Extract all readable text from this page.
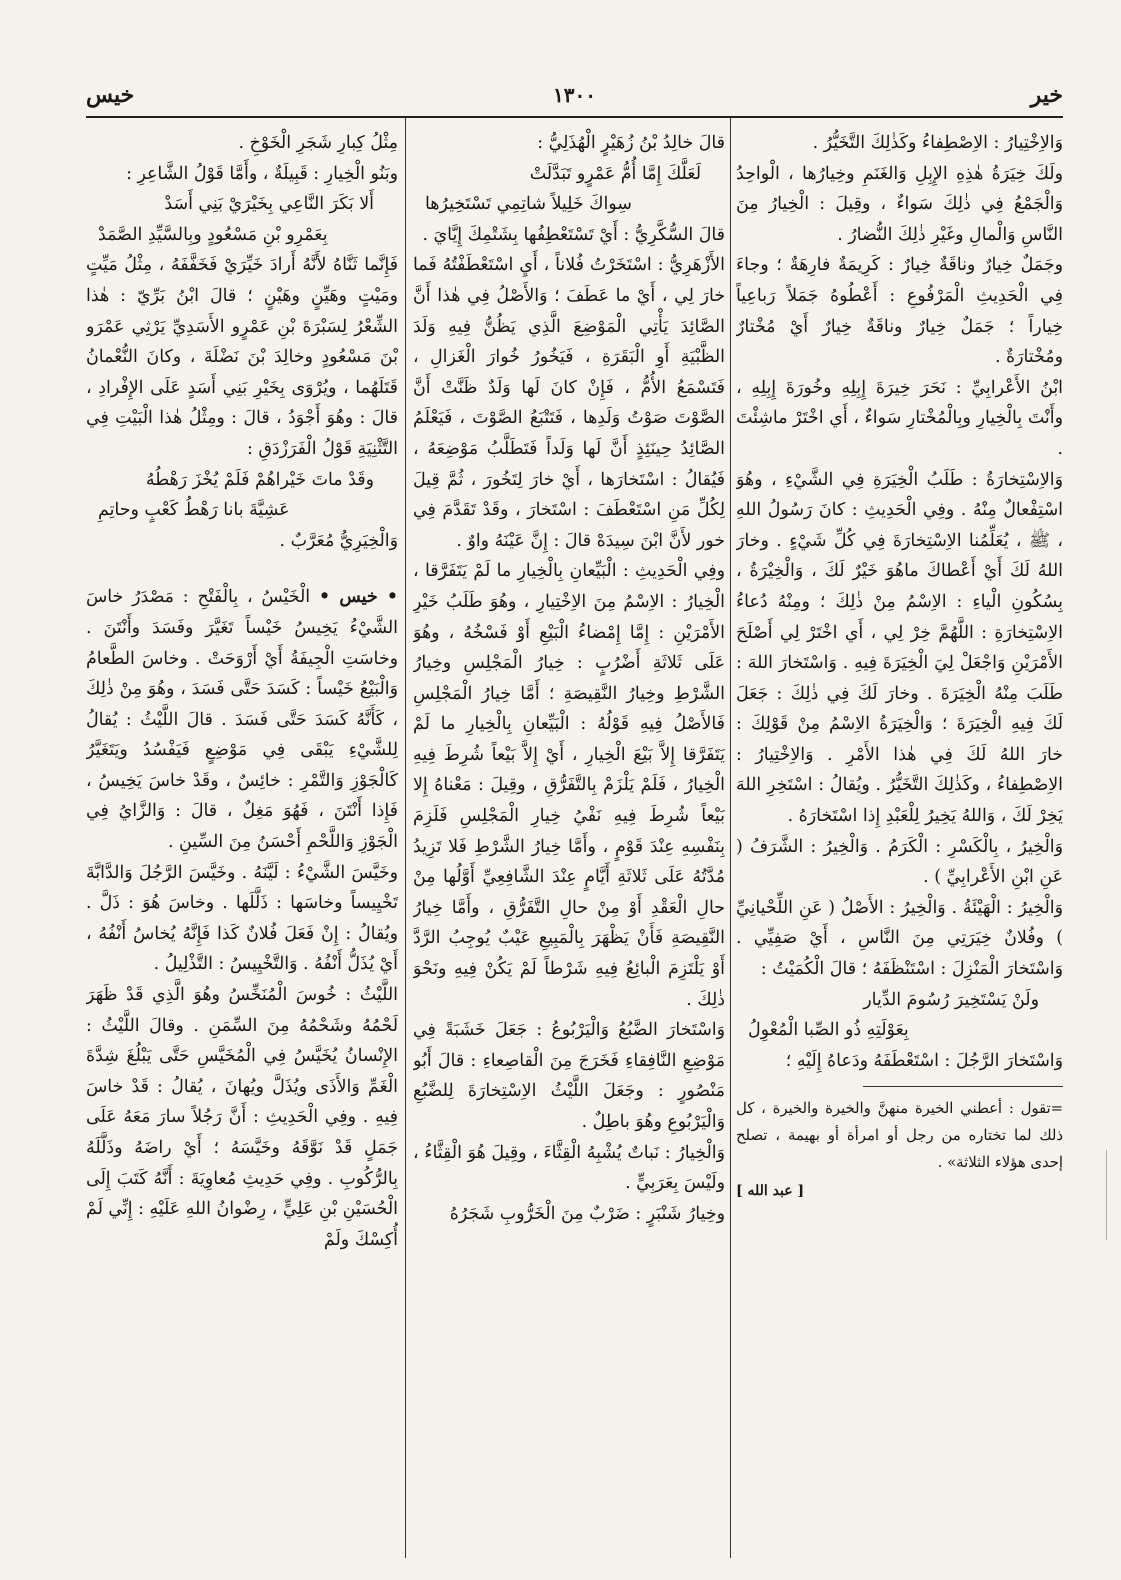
١٣٠٠	خير
خيس

وَالاِخْتِيارُ : الاِصْطِفاءُ وكَذٰلِكَ التَّخَيُّرُ .

ولَكَ خِيَرَةُ هٰذِهِ الإِبِلِ وَالغَنَمِ وخِيارُها ، الْواحِدُ وَالْجَمْعُ فِي ذٰلِكَ سَواءٌ ، وقِيلَ : الْخِيارُ مِنَ النَّاسِ وَالْمالِ وغَيْرِ ذٰلِكَ النُّضارُ .

وجَمَلٌ خِيارٌ وناقَةٌ خِيارٌ : كَرِيمَةٌ فارِهَةٌ ؛ وجاءَ فِي الْحَدِيثِ الْمَرْفُوعِ : أَعْطُوهُ جَمَلاً رَباعِياً خِياراً ؛ جَمَلٌ خِيارٌ وناقَةٌ خِيارٌ أَيْ مُخْتارٌ ومُخْتارَةٌ .

ابْنُ الأَعْرابِيِّ : نَحَرَ خِيرَةَ إِبِلِهِ وخُورَةَ إِبِلِهِ ، وأَنْتَ بِالْخِيارِ وبِالْمُخْتارِ سَواءٌ ، أَي اخْتَرْ ماشِئْتَ .

وَالاِسْتِخارَةُ : طَلَبُ الْخِيَرَةِ فِي الشَّيْءِ ، وهُوَ اسْتِفْعالٌ مِنْهُ . وفِي الْحَدِيثِ : كانَ رَسُولُ اللهِ ، ﷺ ، يُعَلِّمُنا الاِسْتِخارَةَ فِي كُلِّ شَيْءٍ . وخارَ اللهُ لَكَ أَيْ أَعْطاكَ ماهُوَ خَيْرٌ لَكَ ، وَالْخِيْرَةُ ، بِسُكُونِ الْياءِ : الاِسْمُ مِنْ ذٰلِكَ ؛ ومِنْهُ دُعاءُ الاِسْتِخارَةِ : اللَّهُمَّ خِرْ لِي ، أَي اخْتَرْ لِي أَصْلَحَ الأَمْرَيْنِ وَاجْعَلْ لِيَ الْخِيَرَةَ فِيهِ . وَاسْتَخارَ اللهَ : طَلَبَ مِنْهُ الْخِيَرَةَ . وخارَ لَكَ فِي ذٰلِكَ : جَعَلَ لَكَ فِيهِ الْخِيَرَةَ ؛ وَالْخِيَرَةُ الاِسْمُ مِنْ قَوْلِكَ : خارَ اللهُ لَكَ فِي هٰذا الأَمْرِ . وَالاِخْتِيارُ : الاِصْطِفاءُ ، وكَذٰلِكَ التَّخَيُّرُ . ويُقالُ : اسْتَخِرِ اللهَ يَخِرْ لَكَ ، وَاللهُ يَخِيرُ لِلْعَبْدِ إِذا اسْتَخارَهُ .

وَالْخِيرُ ، بِالْكَسْرِ : الْكَرَمُ . وَالْخِيرُ : الشَّرَفُ ( عَنِ ابْنِ الأَعْرابِيِّ ) .

وَالْخِيرُ : الْهَيْئَةُ . وَالْخِيرُ : الأَصْلُ ( عَنِ اللِّحْيانِيِّ ) وفُلانٌ خِيَرَتِي مِنَ النَّاسِ ، أَيْ صَفِيِّي . وَاسْتَخارَ الْمَنْزِلَ : اسْتَنْظَفَهُ ؛ قالَ الْكُمَيْتُ :

ولَنْ يَسْتَخِيرَ رُسُومَ الدِّيار

بِعَوْلَتِهِ ذُو الصِّبا الْمُعْوِلُ

وَاسْتَخارَ الرَّجُلَ : اسْتَعْطَفَهُ ودَعاهُ إِلَيْهِ ؛

=تقول : أعطني الخيرة منهنَّ والخيرة والخيرة ، كل ذلك لما تختاره من رجل أو امرأة أو بهيمة ، تصلح إحدى هؤلاء الثلاثة» .

[ عبد الله ]

قالَ خالِدُ بْنُ زُهَيْرٍ الْهُذَلِيُّ :

لَعَلَّكَ إِمَّا أُمُّ عَمْرٍو تَبَدَّلَتْ

سِواكَ خَلِيلاً شاتِمِي تَسْتَخِيرُها

قالَ السُّكَّرِيُّ : أَيْ تَسْتَعْطِفُها بِشَتْمِكَ إِيَّايَ .

الأَزْهَرِيُّ : اسْتَخَرْتُ فُلاناً ، أَيِ اسْتَعْطَفْتُهُ فَما خارَ لِي ، أَيْ ما عَطَفَ ؛ وَالأَصْلُ فِي هٰذا أَنَّ الصَّائِدَ يَأْتِي الْمَوْضِعَ الَّذِي يَظُنُّ فِيهِ وَلَدَ الظَّبْيَةِ أَوِ الْبَقَرَةِ ، فَيَخُورُ خُوارَ الْغَزالِ ، فَتَسْمَعُ الأُمُّ ، فَإِنْ كانَ لَها وَلَدٌ ظَنَّتْ أَنَّ الصَّوْتَ صَوْتُ وَلَدِها ، فَتَتْبَعُ الصَّوْتَ ، فَيَعْلَمُ الصَّائِدُ حِينَئِذٍ أَنَّ لَها وَلَداً فَتَطَلَّبُ مَوْضِعَهُ ، فَيُقالُ : اسْتَخارَها ، أَيْ خارَ لِتَخُورَ ، ثُمَّ قِيلَ لِكُلِّ مَنِ اسْتَعْطَفَ : اسْتَخارَ ، وقَدْ تَقَدَّمَ فِي خور لأَنَّ ابْنَ سِيدَهْ قالَ : إِنَّ عَيْنَهُ واوٌ .

وفِي الْحَدِيثِ : الْبَيِّعانِ بِالْخِيارِ ما لَمْ يَتَفَرَّقا ، الْخِيارُ : الاِسْمُ مِنَ الاِخْتِيارِ ، وهُوَ طَلَبُ خَيْرِ الأَمْرَيْنِ : إِمَّا إِمْضاءُ الْبَيْعِ أَوْ فَسْخُهُ ، وهُوَ عَلَى ثَلاثَةِ أَضْرُبٍ : خِيارُ الْمَجْلِسِ وخِيارُ الشَّرْطِ وخِيارُ النَّقِيصَةِ ؛ أَمَّا خِيارُ الْمَجْلِسِ فَالأَصْلُ فِيهِ قَوْلُهُ : الْبَيِّعانِ بِالْخِيارِ ما لَمْ يَتَفَرَّقا إِلاَّ بَيْعَ الْخِيارِ ، أَيْ إِلاَّ بَيْعاً شُرِطَ فِيهِ الْخِيارُ ، فَلَمْ يَلْزَمْ بِالتَّفَرُّقِ ، وقِيلَ : مَعْناهُ إِلا بَيْعاً شُرِطَ فِيهِ نَفْيُ خِيارِ الْمَجْلِسِ فَلَزِمَ بِنَفْسِهِ عِنْدَ قَوْمٍ ، وأَمَّا خِيارُ الشَّرْطِ فَلا تَزِيدُ مُدَّتُهُ عَلَى ثَلاثَةِ أَيَّامٍ عِنْدَ الشَّافِعِيِّ أَوَّلُها مِنْ حالِ الْعَقْدِ أَوْ مِنْ حالِ التَّفَرُّقِ ، وأَمَّا خِيارُ النَّقِيصَةِ فَأَنْ يَظْهَرَ بِالْمَبِيعِ عَيْبٌ يُوجِبُ الرَّدَّ أَوْ يَلْتَزِمَ الْبائِعُ فِيهِ شَرْطاً لَمْ يَكُنْ فِيهِ ونَحْوَ ذٰلِكَ .

وَاسْتَخارَ الضَّبُعُ وَالْيَرْبُوعُ : جَعَلَ خَشَبَةً فِي مَوْضِعِ النَّافِقاءِ فَخَرَجَ مِنَ الْقاصِعاءِ : قالَ أَبُو مَنْصُورٍ : وجَعَلَ اللَّيْثُ الاِسْتِخارَةَ لِلضَّبُعِ وَالْيَرْبُوعِ وهُوَ باطِلٌ .

وَالْخِيارُ : نَباتٌ يُشْبِهُ الْقِثَّاءَ ، وقِيلَ هُوَ الْقِثَّاءُ ، ولَيْسَ بِعَرَبِيٍّ .

وخِيارُ شَنْبَرٍ : ضَرْبٌ مِنَ الْخَرُّوبِ شَجَرُهُ

مِثْلُ كِبارِ شَجَرِ الْخَوْخِ .

وبَنُو الْخِيارِ : قَبِيلَةٌ ، وأَمَّا قَوْلُ الشَّاعِرِ :

أَلا بَكَرَ النَّاعِي بِخَيْرَيْ بَنِي أَسَدْ

بِعَمْرِو بْنِ مَسْعُودٍ وبِالسَّيِّدِ الصَّمَدْ

فَإِنَّما ثَنَّاهُ لأَنَّهُ أَرادَ خَيِّرَيْ فَخَفَّفَهُ ، مِثْلُ مَيِّتٍ ومَيْتٍ وهَيِّنٍ وهَيْنٍ ؛ قالَ ابْنُ بَرِّيّ : هٰذا الشِّعْرُ لِسَبْرَةَ بْنِ عَمْرٍو الأَسَدِيِّ يَرْثِي عَمْرَو بْنَ مَسْعُودٍ وخالِدَ بْنَ نَضْلَةَ ، وكانَ النُّعْمانُ قَتَلَهُما ، ويُرْوَى بِخَيْرِ بَنِي أَسَدٍ عَلَى الإِفْرادِ ، قالَ : وهُوَ أَجْوَدُ ، قالَ : ومِثْلُ هٰذا الْبَيْتِ فِي التَّثْنِيَةِ قَوْلُ الْفَرَزْدَقِ :

وقَدْ ماتَ خَيْراهُمْ فَلَمْ يُخْزَ رَهْطُهُ

عَشِيَّةَ بانا رَهْطُ كَعْبٍ وحاتِمِ

وَالْخِيَرِيُّ مُعَرَّبٌ .

• خيس • الْخَيْسُ ، بِالْفَتْحِ : مَصْدَرُ خاسَ الشَّيْءُ يَخِيسُ خَيْساً تَغَيَّرَ وفَسَدَ وأَنْتَنَ . وخاسَتِ الْجِيفَةُ أَيْ أَرْوَحَتْ . وخاسَ الطَّعامُ وَالْبَيْعُ خَيْساً : كَسَدَ حَتَّى فَسَدَ ، وهُوَ مِنْ ذٰلِكَ ، كَأَنَّهُ كَسَدَ حَتَّى فَسَدَ . قالَ اللَّيْثُ : يُقالُ لِلشَّيْءِ يَبْقَى فِي مَوْضِعٍ فَيَفْسُدُ ويَتَغَيَّرُ كَالْجَوْزِ وَالتَّمْرِ : خائِسٌ ، وقَدْ خاسَ يَخِيسُ ، فَإِذا أَنْتَنَ ، فَهُوَ مَغِلٌ ، قالَ : وَالزَّايُ فِي الْجَوْزِ وَاللَّحْمِ أَحْسَنُ مِنَ السِّينِ .

وخَيَّسَ الشَّيْءُ : لَيَّنَهُ . وخَيَّسَ الرَّجُلَ وَالدَّابَّةَ تَخْيِيساً وخاسَها : ذَلَّلَها . وخاسَ هُوَ : ذَلَّ . ويُقالُ : إِنْ فَعَلَ فُلانٌ كَذا فَإِنَّهُ يُخاسُ أَنْفُهُ ، أَيْ يُذَلُّ أَنْفُهُ . وَالتَّخْيِيسُ : التَّذْلِيلُ .

اللَّيْثُ : خُوسَ الْمُنَخِّسُ وهُوَ الَّذِي قَدْ ظَهَرَ لَحْمُهُ وشَحْمُهُ مِنَ السِّمَنِ . وقالَ اللَّيْثُ : الإِنْسانُ يُخَيَّسُ فِي الْمُخَيَّسِ حَتَّى يَبْلُغَ شِدَّةَ الْغَمِّ وَالأَذَى ويُذَلَّ ويُهانَ ، يُقالُ : قَدْ خاسَ فِيهِ . وفِي الْحَدِيثِ : أَنَّ رَجُلاً سارَ مَعَهُ عَلَى جَمَلٍ قَدْ نَوَّقَهُ وخَيَّسَهُ ؛ أَيْ راضَهُ وذَلَّلَهُ بِالرُّكُوبِ . وفِي حَدِيثِ مُعاوِيَةَ : أَنَّهُ كَتَبَ إِلَى الْحُسَيْنِ بْنِ عَلِيٍّ ، رِضْوانُ اللهِ عَلَيْهِ : إِنِّي لَمْ أُكِسْكَ ولَمْ
